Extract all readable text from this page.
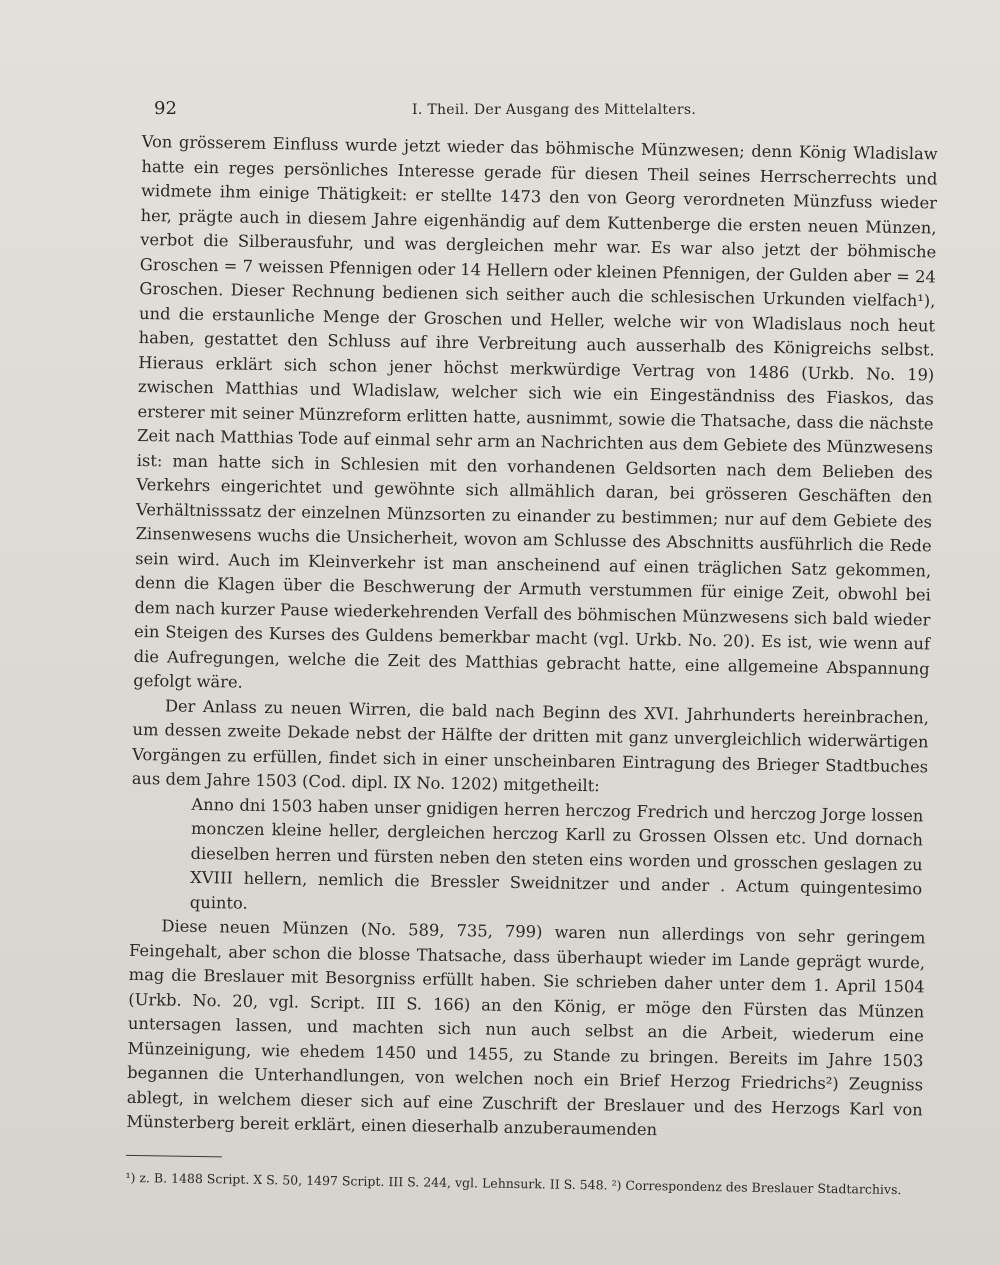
92	I. Theil. Der Ausgang des Mittelalters.

Von grösserem Einfluss wurde jetzt wieder das böhmische Münzwesen; denn König Wladislaw hatte ein reges persönliches Interesse gerade für diesen Theil seines Herrscherrechts und widmete ihm einige Thätigkeit: er stellte 1473 den von Georg verordneten Münzfuss wieder her, prägte auch in diesem Jahre eigenhändig auf dem Kuttenberge die ersten neuen Münzen, verbot die Silberausfuhr, und was dergleichen mehr war. Es war also jetzt der böhmische Groschen = 7 weissen Pfennigen oder 14 Hellern oder kleinen Pfennigen, der Gulden aber = 24 Groschen. Dieser Rechnung bedienen sich seither auch die schlesischen Urkunden vielfach¹), und die erstaunliche Menge der Groschen und Heller, welche wir von Wladislaus noch heut haben, gestattet den Schluss auf ihre Verbreitung auch ausserhalb des Königreichs selbst. Hieraus erklärt sich schon jener höchst merkwürdige Vertrag von 1486 (Urkb. No. 19) zwischen Matthias und Wladislaw, welcher sich wie ein Eingeständniss des Fiaskos, das ersterer mit seiner Münzreform erlitten hatte, ausnimmt, sowie die Thatsache, dass die nächste Zeit nach Matthias Tode auf einmal sehr arm an Nachrichten aus dem Gebiete des Münzwesens ist: man hatte sich in Schlesien mit den vorhandenen Geldsorten nach dem Belieben des Verkehrs eingerichtet und gewöhnte sich allmählich daran, bei grösseren Geschäften den Verhältnisssatz der einzelnen Münzsorten zu einander zu bestimmen; nur auf dem Gebiete des Zinsenwesens wuchs die Unsicherheit, wovon am Schlusse des Abschnitts ausführlich die Rede sein wird. Auch im Kleinverkehr ist man anscheinend auf einen träglichen Satz gekommen, denn die Klagen über die Beschwerung der Armuth verstummen für einige Zeit, obwohl bei dem nach kurzer Pause wiederkehrenden Verfall des böhmischen Münzwesens sich bald wieder ein Steigen des Kurses des Guldens bemerkbar macht (vgl. Urkb. No. 20). Es ist, wie wenn auf die Aufregungen, welche die Zeit des Matthias gebracht hatte, eine allgemeine Abspannung gefolgt wäre.

Der Anlass zu neuen Wirren, die bald nach Beginn des XVI. Jahrhunderts hereinbrachen, um dessen zweite Dekade nebst der Hälfte der dritten mit ganz unvergleichlich widerwärtigen Vorgängen zu erfüllen, findet sich in einer unscheinbaren Eintragung des Brieger Stadtbuches aus dem Jahre 1503 (Cod. dipl. IX No. 1202) mitgetheilt:

Anno dni 1503 haben unser gnidigen herren herczog Fredrich und herczog Jorge lossen monczen kleine heller, dergleichen herczog Karll zu Grossen Olssen etc. Und dornach dieselben herren und fürsten neben den steten eins worden und grosschen geslagen zu XVIII hellern, nemlich die Bressler Sweidnitzer und ander . Actum quingentesimo quinto.

Diese neuen Münzen (No. 589, 735, 799) waren nun allerdings von sehr geringem Feingehalt, aber schon die blosse Thatsache, dass überhaupt wieder im Lande geprägt wurde, mag die Breslauer mit Besorgniss erfüllt haben. Sie schrieben daher unter dem 1. April 1504 (Urkb. No. 20, vgl. Script. III S. 166) an den König, er möge den Fürsten das Münzen untersagen lassen, und machten sich nun auch selbst an die Arbeit, wiederum eine Münzeinigung, wie ehedem 1450 und 1455, zu Stande zu bringen. Bereits im Jahre 1503 begannen die Unterhandlungen, von welchen noch ein Brief Herzog Friedrichs²) Zeugniss ablegt, in welchem dieser sich auf eine Zuschrift der Breslauer und des Herzogs Karl von Münsterberg bereit erklärt, einen dieserhalb anzuberaumenden

¹) z. B. 1488 Script. X S. 50, 1497 Script. III S. 244, vgl. Lehnsurk. II S. 548. ²) Correspondenz des Breslauer Stadtarchivs.
